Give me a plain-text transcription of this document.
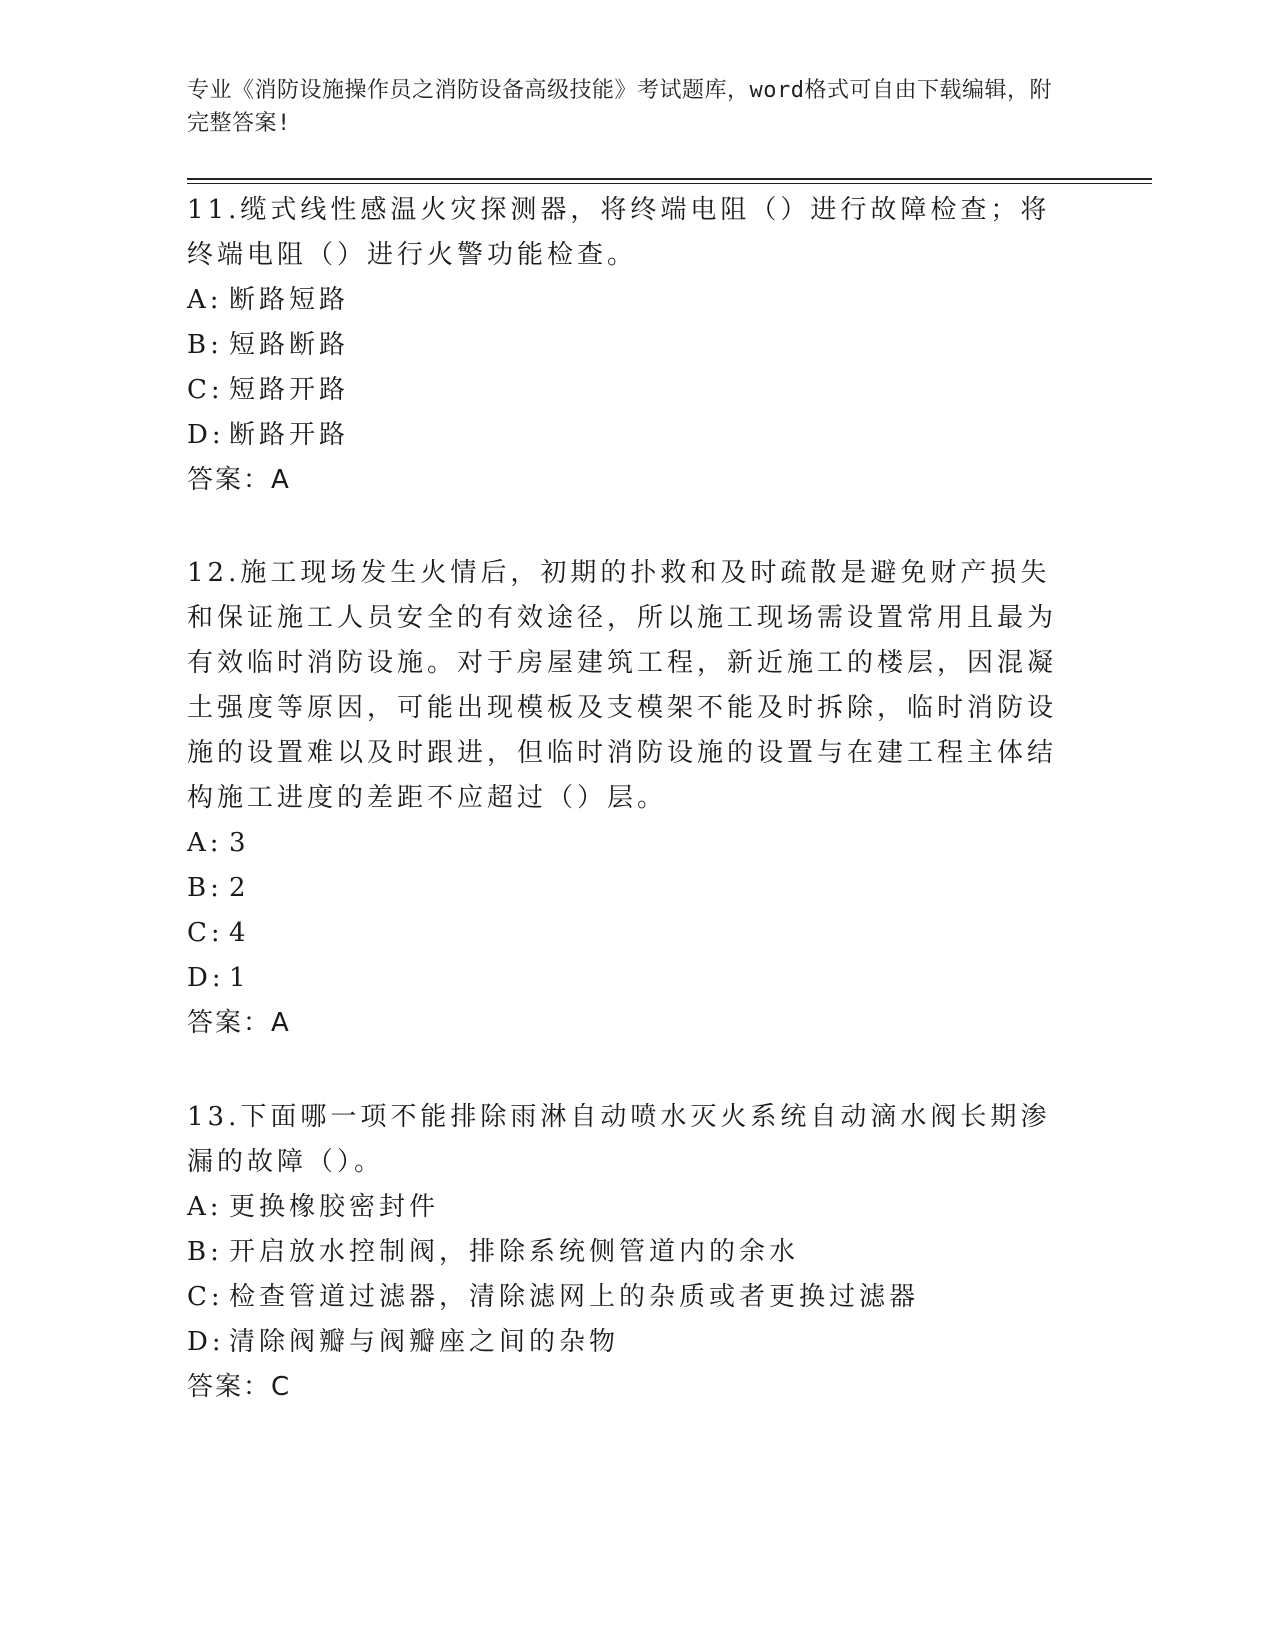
专业《消防设施操作员之消防设备高级技能》考试题库，word格式可自由下载编辑，附完整答案!

11.缆式线性感温火灾探测器，将终端电阻（）进行故障检查；将终端电阻（）进行火警功能检查。

A: 断路短路

B: 短路断路

C: 短路开路

D: 断路开路

答案：A

12.施工现场发生火情后，初期的扑救和及时疏散是避免财产损失和保证施工人员安全的有效途径，所以施工现场需设置常用且最为有效临时消防设施。对于房屋建筑工程，新近施工的楼层，因混凝土强度等原因，可能出现模板及支模架不能及时拆除，临时消防设施的设置难以及时跟进，但临时消防设施的设置与在建工程主体结构施工进度的差距不应超过（）层。

A: 3

B: 2

C: 4

D: 1

答案：A

13.下面哪一项不能排除雨淋自动喷水灭火系统自动滴水阀长期渗漏的故障（）。

A: 更换橡胶密封件

B: 开启放水控制阀，排除系统侧管道内的余水

C: 检查管道过滤器，清除滤网上的杂质或者更换过滤器

D: 清除阀瓣与阀瓣座之间的杂物

答案：C
